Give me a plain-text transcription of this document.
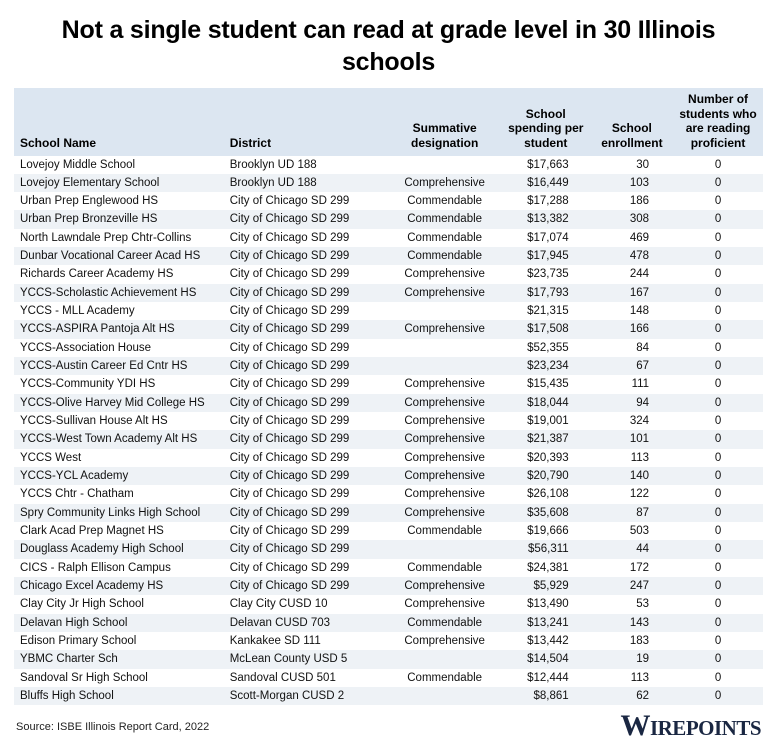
Not a single student can read at grade level in 30 Illinois schools
School Name	District	Summative designation	School spending per student	School enrollment	Number of students who are reading proficient
Lovejoy Middle School	Brooklyn UD 188		$17,663	30	0
Lovejoy Elementary School	Brooklyn UD 188	Comprehensive	$16,449	103	0
Urban Prep Englewood HS	City of Chicago SD 299	Commendable	$17,288	186	0
Urban Prep Bronzeville HS	City of Chicago SD 299	Commendable	$13,382	308	0
North Lawndale Prep Chtr-Collins	City of Chicago SD 299	Commendable	$17,074	469	0
Dunbar Vocational Career Acad HS	City of Chicago SD 299	Commendable	$17,945	478	0
Richards Career Academy HS	City of Chicago SD 299	Comprehensive	$23,735	244	0
YCCS-Scholastic Achievement HS	City of Chicago SD 299	Comprehensive	$17,793	167	0
YCCS - MLL Academy	City of Chicago SD 299		$21,315	148	0
YCCS-ASPIRA Pantoja Alt HS	City of Chicago SD 299	Comprehensive	$17,508	166	0
YCCS-Association House	City of Chicago SD 299		$52,355	84	0
YCCS-Austin Career Ed Cntr HS	City of Chicago SD 299		$23,234	67	0
YCCS-Community YDI HS	City of Chicago SD 299	Comprehensive	$15,435	111	0
YCCS-Olive Harvey Mid College HS	City of Chicago SD 299	Comprehensive	$18,044	94	0
YCCS-Sullivan House Alt HS	City of Chicago SD 299	Comprehensive	$19,001	324	0
YCCS-West Town Academy Alt HS	City of Chicago SD 299	Comprehensive	$21,387	101	0
YCCS West	City of Chicago SD 299	Comprehensive	$20,393	113	0
YCCS-YCL Academy	City of Chicago SD 299	Comprehensive	$20,790	140	0
YCCS Chtr - Chatham	City of Chicago SD 299	Comprehensive	$26,108	122	0
Spry Community Links High School	City of Chicago SD 299	Comprehensive	$35,608	87	0
Clark Acad Prep Magnet HS	City of Chicago SD 299	Commendable	$19,666	503	0
Douglass Academy High School	City of Chicago SD 299		$56,311	44	0
CICS - Ralph Ellison Campus	City of Chicago SD 299	Commendable	$24,381	172	0
Chicago Excel Academy HS	City of Chicago SD 299	Comprehensive	$5,929	247	0
Clay City Jr High School	Clay City CUSD 10	Comprehensive	$13,490	53	0
Delavan High School	Delavan CUSD 703	Commendable	$13,241	143	0
Edison Primary School	Kankakee SD 111	Comprehensive	$13,442	183	0
YBMC Charter Sch	McLean County USD 5		$14,504	19	0
Sandoval Sr High School	Sandoval CUSD 501	Commendable	$12,444	113	0
Bluffs High School	Scott-Morgan CUSD 2		$8,861	62	0
Source: ISBE Illinois Report Card, 2022	Wirepoints
